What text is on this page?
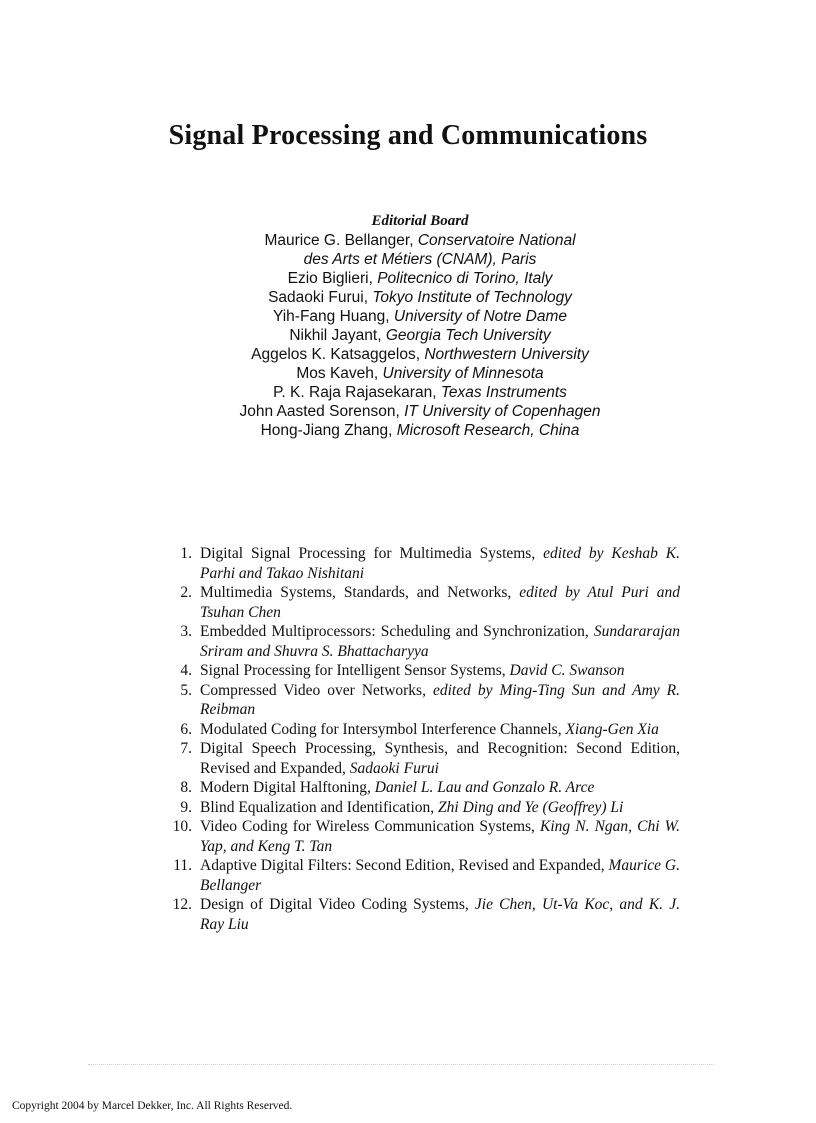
Signal Processing and Communications

Editorial Board

Maurice G. Bellanger, Conservatoire National

des Arts et Métiers (CNAM), Paris

Ezio Biglieri, Politecnico di Torino, Italy

Sadaoki Furui, Tokyo Institute of Technology

Yih-Fang Huang, University of Notre Dame

Nikhil Jayant, Georgia Tech University

Aggelos K. Katsaggelos, Northwestern University

Mos Kaveh, University of Minnesota

P. K. Raja Rajasekaran, Texas Instruments

John Aasted Sorenson, IT University of Copenhagen

Hong-Jiang Zhang, Microsoft Research, China

1. Digital Signal Processing for Multimedia Systems, edited by Keshab K. Parhi and Takao Nishitani
2. Multimedia Systems, Standards, and Networks, edited by Atul Puri and Tsuhan Chen
3. Embedded Multiprocessors: Scheduling and Synchronization, Sundararajan Sriram and Shuvra S. Bhattacharyya
4. Signal Processing for Intelligent Sensor Systems, David C. Swanson
5. Compressed Video over Networks, edited by Ming-Ting Sun and Amy R. Reibman
6. Modulated Coding for Intersymbol Interference Channels, Xiang-Gen Xia
7. Digital Speech Processing, Synthesis, and Recognition: Second Edition, Revised and Expanded, Sadaoki Furui
8. Modern Digital Halftoning, Daniel L. Lau and Gonzalo R. Arce
9. Blind Equalization and Identification, Zhi Ding and Ye (Geoffrey) Li
10. Video Coding for Wireless Communication Systems, King N. Ngan, Chi W. Yap, and Keng T. Tan
11. Adaptive Digital Filters: Second Edition, Revised and Expanded, Maurice G. Bellanger
12. Design of Digital Video Coding Systems, Jie Chen, Ut-Va Koc, and K. J. Ray Liu

Copyright 2004 by Marcel Dekker, Inc. All Rights Reserved.
